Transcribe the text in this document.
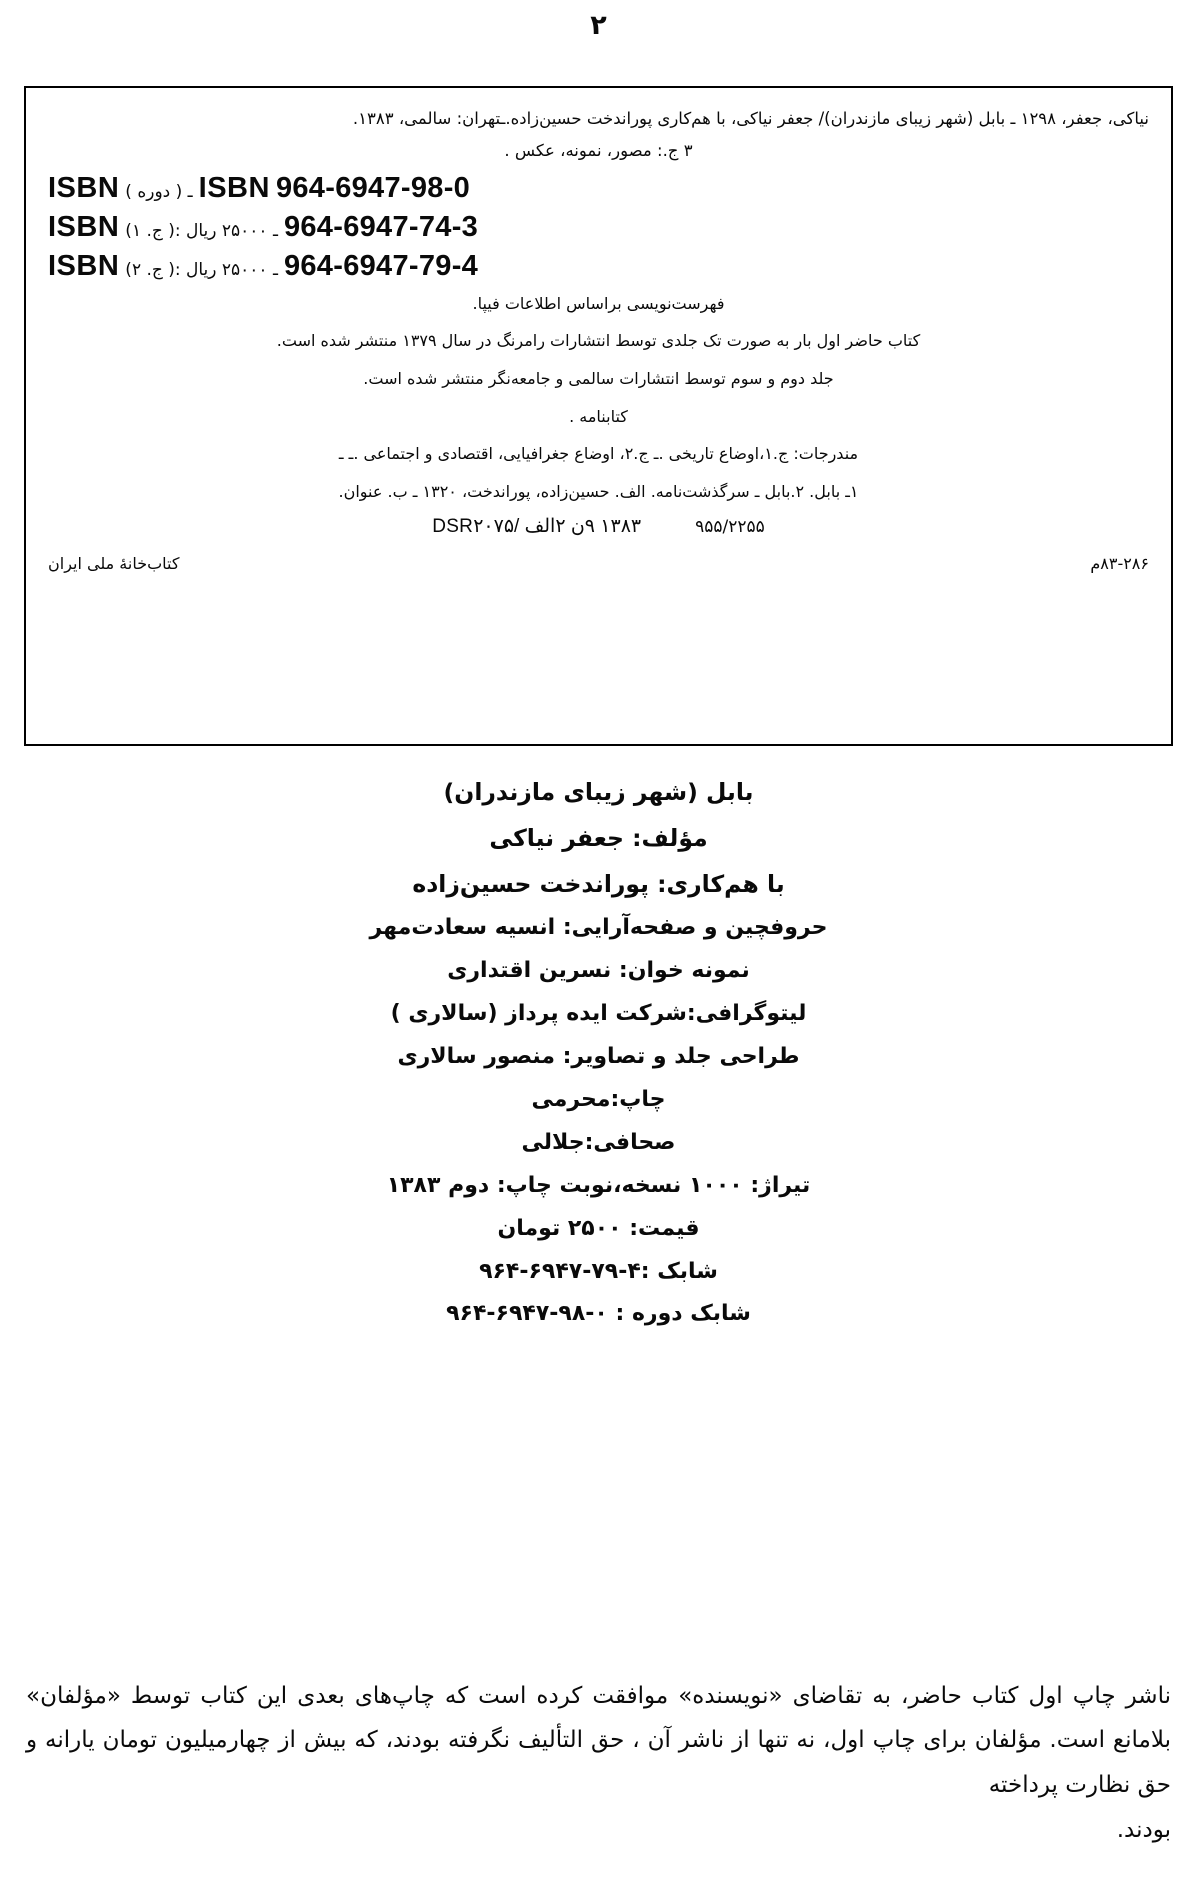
۲
نیاکی، جعفر، ۱۲۹۸ ـ بابل (شهر زیبای مازندران)/ جعفر نیاکی، با هم‌کاری پوراندخت حسین‌زاده.ـتهران: سالمی، ۱۳۸۳.
۳ ج.: مصور، نمونه، عکس .
ISBN ـ ( دوره ) ISBN 964-6947-98-0
ISBN ـ ۲۵۰۰۰ ریال :( ج. ۱) 964-6947-74-3
ISBN ـ ۲۵۰۰۰ ریال :( ج. ۲) 964-6947-79-4
فهرست‌نویسی براساس اطلاعات فیپا.
کتاب حاضر اول بار به صورت تک جلدی توسط انتشارات رامرنگ در سال ۱۳۷۹ منتشر شده است.
جلد دوم و سوم توسط انتشارات سالمی و جامعه‌نگر منتشر شده است.
کتابنامه .
مندرجات: ج.۱،اوضاع تاریخی .ـ ج.۲، اوضاع جغرافیایی، اقتصادی و اجتماعی .ـ ـ
۱ـ بابل. ۲.بابل ـ سرگذشت‌نامه. الف. حسین‌زاده، پوراندخت، ۱۳۲۰ ـ ب. عنوان.
۹۵۵/۲۲۵۵          ۱۳۸۳ ۹ن ۲الف /DSR۲۰۷۵
۸۳-۲۸۶م
کتاب‌خانهٔ ملی ایران
بابل (شهر زیبای مازندران)
مؤلف: جعفر نیاکی
با هم‌کاری: پوراندخت حسین‌زاده
حروفچین و صفحه‌آرایی: انسیه سعادت‌مهر
نمونه خوان: نسرین اقتداری
لیتوگرافی:شرکت ایده پرداز (سالاری )
طراحی جلد و تصاویر: منصور سالاری
چاپ:محرمی
صحافی:جلالی
تیراژ: ۱۰۰۰ نسخه،نوبت چاپ: دوم ۱۳۸۳
قیمت: ۲۵۰۰ تومان
شابک :۴-۷۹-۶۹۴۷-۹۶۴
شابک دوره : ۰-۹۸-۶۹۴۷-۹۶۴
ناشر چاپ اول کتاب حاضر، به تقاضای «نویسنده» موافقت کرده است که چاپ‌های بعدی این کتاب توسط «مؤلفان» بلامانع است. مؤلفان برای چاپ اول، نه تنها از ناشر آن ، حق التأليف نگرفته بودند، که بیش از چهارمیلیون تومان یارانه و حق نظارت پرداخته
بودند.
